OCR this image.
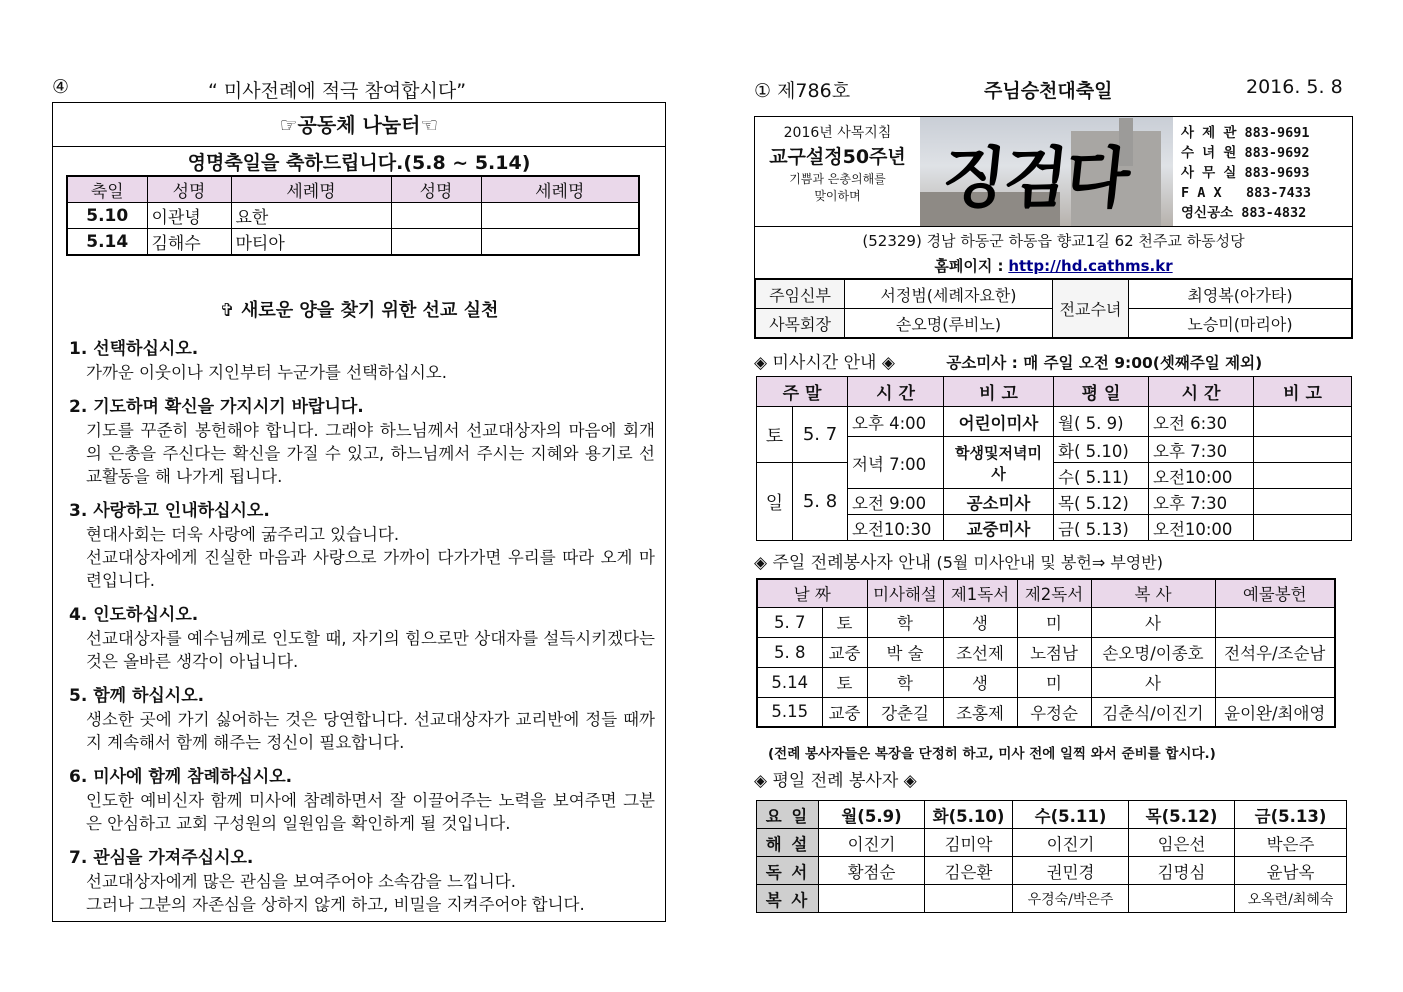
④	“ 미사전례에 적극 참여합시다”
☞공동체 나눔터☜
영명축일을 축하드립니다.(5.8 ~ 5.14)
축일	성명	세례명	성명	세례명
5.10	이관녕	요한		
5.14	김해수	마티아		
✞ 새로운 양을 찾기 위한 선교 실천
1. 선택하십시오.

가까운 이웃이나 지인부터 누군가를 선택하십시오.

2. 기도하며 확신을 가지시기 바랍니다.

기도를 꾸준히 봉헌해야 합니다. 그래야 하느님께서 선교대상자의 마음에 회개의 은총을 주신다는 확신을 가질 수 있고, 하느님께서 주시는 지혜와 용기로 선교활동을 해 나가게 됩니다.

3. 사랑하고 인내하십시오.

현대사회는 더욱 사랑에 굶주리고 있습니다.
선교대상자에게 진실한 마음과 사랑으로 가까이 다가가면 우리를 따라 오게 마련입니다.

4. 인도하십시오.

선교대상자를 예수님께로 인도할 때, 자기의 힘으로만 상대자를 설득시키겠다는 것은 올바른 생각이 아닙니다.

5. 함께 하십시오.

생소한 곳에 가기 싫어하는 것은 당연합니다. 선교대상자가 교리반에 정들 때까지 계속해서 함께 해주는 정신이 필요합니다.

6. 미사에 함께 참례하십시오.

인도한 예비신자 함께 미사에 참례하면서 잘 이끌어주는 노력을 보여주면 그분은 안심하고 교회 구성원의 일원임을 확인하게 될 것입니다.

7. 관심을 가져주십시오.

선교대상자에게 많은 관심을 보여주어야 소속감을 느낍니다.
그러나 그분의 자존심을 상하지 않게 하고, 비밀을 지켜주어야 합니다.

① 제786호	주님승천대축일	2016. 5. 8
2016년 사목지침
교구설정50주년
기쁨과 은총의해를
맞이하며	징검다리
사 제 관 883-9691
수 녀 원 883-9692
사 무 실 883-9693
F A X   883-7433
영신공소 883-4832
(52329) 경남 하동군 하동읍 향교1길 62 천주교 하동성당
홈페이지 : http://hd.cathms.kr
주임신부	서정범(세례자요한)	전교수녀	최영복(아가타)
사목회장	손오명(루비노)		노승미(마리아)
◈ 미사시간 안내 ◈	공소미사 : 매 주일 오전 9:00(셋째주일 제외)
주 말		시 간	비 고	평 일	시 간	비 고
토	5. 7	오후 4:00	어린이미사	월( 5. 9)	오전 6:30	
		저녁 7:00	학생및저녁미사	화( 5.10)	오후 7:30	
일	5. 8			수( 5.11)	오전10:00	
		오전 9:00	공소미사	목( 5.12)	오후 7:30	
		오전10:30	교중미사	금( 5.13)	오전10:00	
◈ 주일 전례봉사자 안내 (5월 미사안내 및 봉헌⇒ 부영반)
날 짜		미사해설	제1독서	제2독서	복 사	예물봉헌
5. 7	토	학	생	미	사	
5. 8	교중	박 술	조선제	노점남	손오명/이종호	전석우/조순남
5.14	토	학	생	미	사	
5.15	교중	강춘길	조홍제	우정순	김춘식/이진기	윤이완/최애영
(전례 봉사자들은 복장을 단정히 하고, 미사 전에 일찍 와서 준비를 합시다.)
◈ 평일 전례 봉사자 ◈
요 일	월(5.9)	화(5.10)	수(5.11)	목(5.12)	금(5.13)
해 설	이진기	김미악	이진기	임은선	박은주
독 서	황점순	김은환	권민경	김명심	윤남옥
복 사			우경숙/박은주		오옥련/최혜숙
